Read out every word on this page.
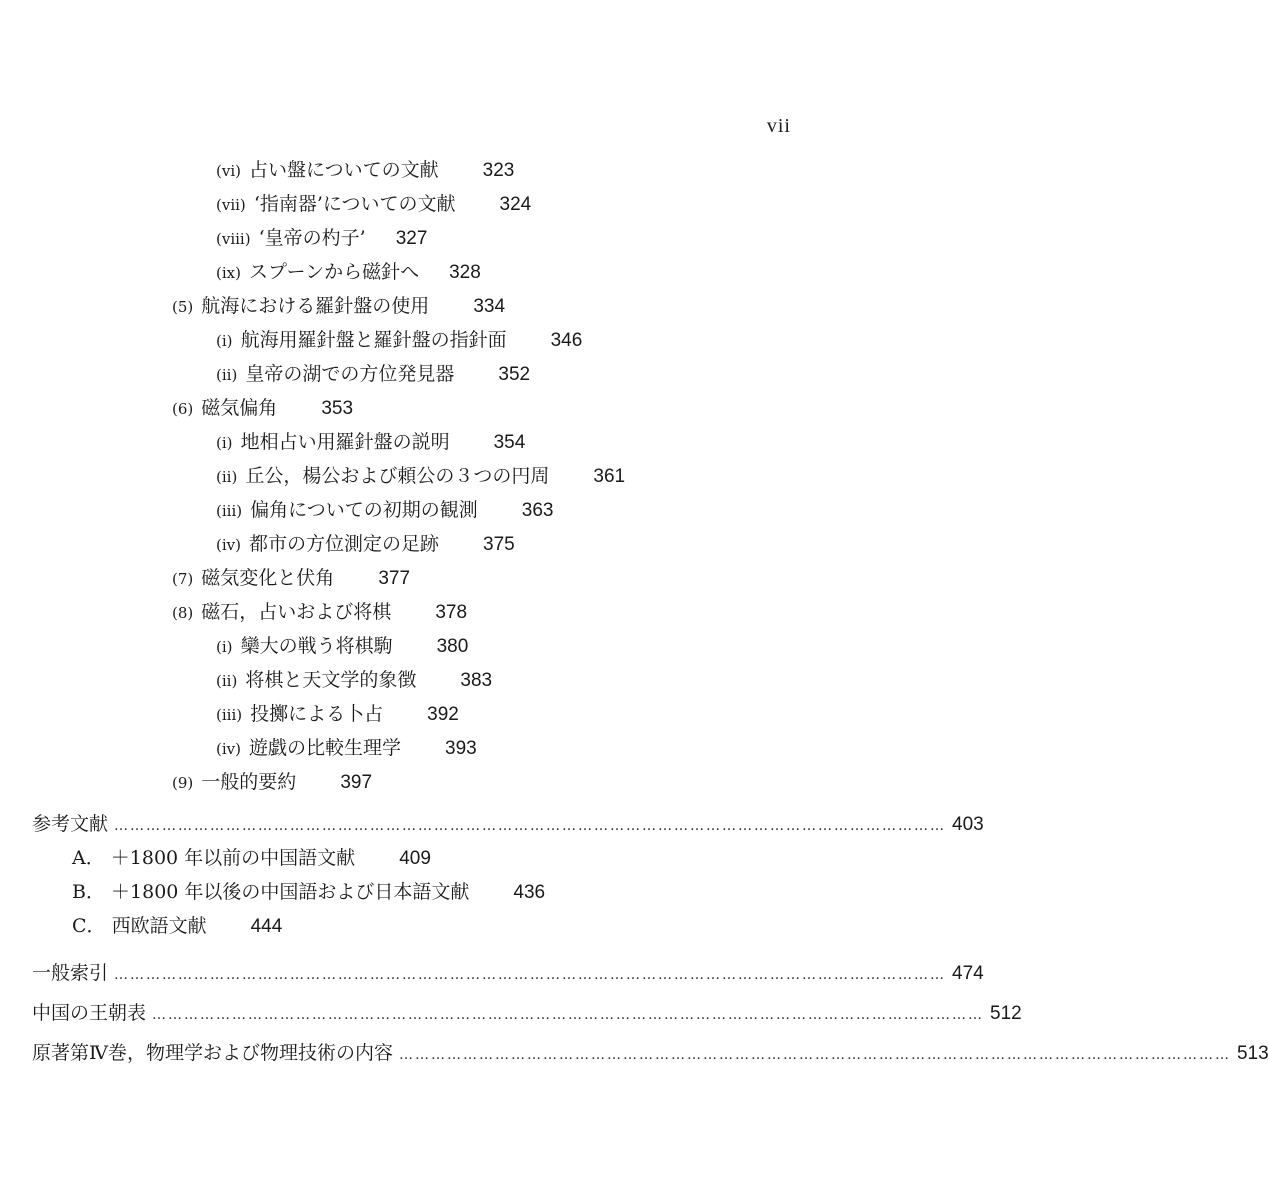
vii
(vi) 占い盤についての文献 323
(vii) ‘指南器’についての文献 324
(viii) ‘皇帝の杓子’ 327
(ix) スプーンから磁針へ 328
(5) 航海における羅針盤の使用 334
(i) 航海用羅針盤と羅針盤の指針面 346
(ii) 皇帝の湖での方位発見器 352
(6) 磁気偏角 353
(i) 地相占い用羅針盤の説明 354
(ii) 丘公，楊公および頼公の３つの円周 361
(iii) 偏角についての初期の観測 363
(iv) 都市の方位測定の足跡 375
(7) 磁気変化と伏角 377
(8) 磁石，占いおよび将棋 378
(i) 欒大の戦う将棋駒 380
(ii) 将棋と天文学的象徴 383
(iii) 投擲による卜占 392
(iv) 遊戯の比較生理学 393
(9) 一般的要約 397
参考文献 ………………………………………………………………………………………………………………………………………… 403
A． ＋1800 年以前の中国語文献 409
B． ＋1800 年以後の中国語および日本語文献 436
C． 西欧語文献 444
一般索引 ………………………………………………………………………………………………………………………………………… 474
中国の王朝表 ………………………………………………………………………………………………………………………………………… 512
原著第Ⅳ巻，物理学および物理技術の内容 ………………………………………………………………………………………………………………………………………… 513
